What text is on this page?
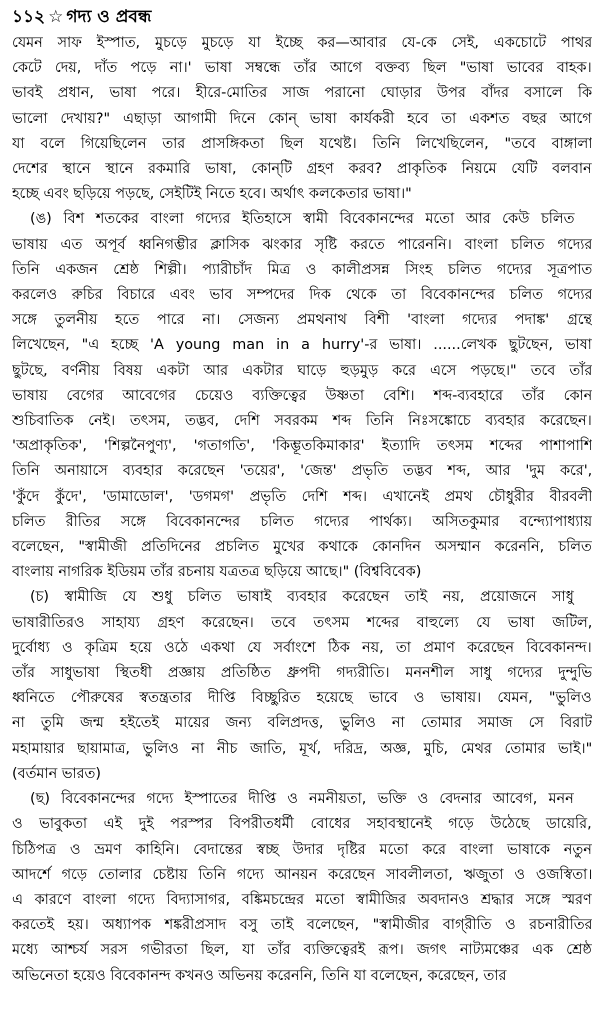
১১২ ☆ গদ্য ও প্রবন্ধ
যেমন সাফ ইস্পাত, মুচড়ে মুচড়ে যা ইচ্ছে কর—আবার যে-কে সেই, একচোটে পাথর
কেটে দেয়, দাঁত পড়ে না।' ভাষা সম্বন্ধে তাঁর আগে বক্তব্য ছিল "ভাষা ভাবের বাহক।
ভাবই প্রধান, ভাষা পরে। হীরে-মোতির সাজ পরানো ঘোড়ার উপর বাঁদর বসালে কি
ভালো দেখায়?" এছাড়া আগামী দিনে কোন্ ভাষা কার্যকরী হবে তা একশত বছর আগে
যা বলে গিয়েছিলেন তার প্রাসঙ্গিকতা ছিল যথেষ্ট। তিনি লিখেছিলেন, "তবে বাঙ্গালা
দেশের স্থানে স্থানে রকমারি ভাষা, কোন্‌টি গ্রহণ করব? প্রাকৃতিক নিয়মে যেটি বলবান
হচ্ছে এবং ছড়িয়ে পড়ছে, সেইটিই নিতে হবে। অর্থাৎ কলকেতার ভাষা।"
(ঙ) বিশ শতকের বাংলা গদ্যের ইতিহাসে স্বামী বিবেকানন্দের মতো আর কেউ চলিত
ভাষায় এত অপূর্ব ধ্বনিগম্ভীর ক্লাসিক ঝংকার সৃষ্টি করতে পারেননি। বাংলা চলিত গদ্যের
তিনি একজন শ্রেষ্ঠ শিল্পী। প্যারীচাঁদ মিত্র ও কালীপ্রসন্ন সিংহ চলিত গদ্যের সূত্রপাত
করলেও রুচির বিচারে এবং ভাব সম্পদের দিক থেকে তা বিবেকানন্দের চলিত গদ্যের
সঙ্গে তুলনীয় হতে পারে না। সেজন্য প্রমথনাথ বিশী 'বাংলা গদ্যের পদাঙ্ক' গ্রন্থে
লিখেছেন, "এ হচ্ছে 'A young man in a hurry'-র ভাষা। ......লেখক ছুটছেন, ভাষা
ছুটছে, বর্ণনীয় বিষয় একটা আর একটার ঘাড়ে হুড়মুড় করে এসে পড়ছে।" তবে তাঁর
ভাষায় বেগের আবেগের চেয়েও ব্যক্তিত্বের উষ্ণতা বেশি। শব্দ-ব্যবহারে তাঁর কোন
শুচিবাতিক নেই। তৎসম, তদ্ভব, দেশি সবরকম শব্দ তিনি নিঃসঙ্কোচে ব্যবহার করেছেন।
'অপ্রাকৃতিক', 'শিল্পনৈপুণ্য', 'গতাগতি', 'কিম্ভূতকিমাকার' ইত্যাদি তৎসম শব্দের পাশাপাশি
তিনি অনায়াসে ব্যবহার করেছেন 'তয়ের', 'জেন্ত' প্রভৃতি তদ্ভব শব্দ, আর 'দুম করে',
'কুঁদে কুঁদে', 'ডামাডোল', 'ডগমগ' প্রভৃতি দেশি শব্দ। এখানেই প্রমথ চৌধুরীর বীরবলী
চলিত রীতির সঙ্গে বিবেকানন্দের চলিত গদ্যের পার্থক্য। অসিতকুমার বন্দ্যোপাধ্যায়
বলেছেন, "স্বামীজী প্রতিদিনের প্রচলিত মুখের কথাকে কোনদিন অসম্মান করেননি, চলিত
বাংলায় নাগরিক ইডিয়ম তাঁর রচনায় যত্রতত্র ছড়িয়ে আছে।" (বিশ্ববিবেক)
(চ) স্বামীজি যে শুধু চলিত ভাষাই ব্যবহার করেছেন তাই নয়, প্রয়োজনে সাধু
ভাষারীতিরও সাহায্য গ্রহণ করেছেন। তবে তৎসম শব্দের বাহুল্যে যে ভাষা জটিল,
দুর্বোধ্য ও কৃত্রিম হয়ে ওঠে একথা যে সর্বাংশে ঠিক নয়, তা প্রমাণ করেছেন বিবেকানন্দ।
তাঁর সাধুভাষা স্থিতধী প্রজ্ঞায় প্রতিষ্ঠিত ধ্রুপদী গদ্যরীতি। মননশীল সাধু গদ্যের দুন্দুভি
ধ্বনিতে পৌরুষের স্বতন্ত্রতার দীপ্তি বিচ্ছুরিত হয়েছে ভাবে ও ভাষায়। যেমন, "ভুলিও
না তুমি জন্ম হইতেই মায়ের জন্য বলিপ্রদত্ত, ভুলিও না তোমার সমাজ সে বিরাট
মহামায়ার ছায়ামাত্র, ভুলিও না নীচ জাতি, মূর্খ, দরিদ্র, অজ্ঞ, মুচি, মেথর তোমার ভাই।"
(বর্তমান ভারত)
(ছ) বিবেকানন্দের গদ্যে ইস্পাতের দীপ্তি ও নমনীয়তা, ভক্তি ও বেদনার আবেগ, মনন
ও ভাবুকতা এই দুই পরস্পর বিপরীতধর্মী বোধের সহাবস্থানেই গড়ে উঠেছে ডায়েরি,
চিঠিপত্র ও ভ্রমণ কাহিনি। বেদান্তের স্বচ্ছ উদার দৃষ্টির মতো করে বাংলা ভাষাকে নতুন
আদর্শে গড়ে তোলার চেষ্টায় তিনি গদ্যে আনয়ন করেছেন সাবলীলতা, ঋজুতা ও ওজস্বিতা।
এ কারণে বাংলা গদ্যে বিদ্যাসাগর, বঙ্কিমচন্দ্রের মতো স্বামীজির অবদানও শ্রদ্ধার সঙ্গে স্মরণ
করতেই হয়। অধ্যাপক শঙ্করীপ্রসাদ বসু তাই বলেছেন, "স্বামীজীর বাগ্‌রীতি ও রচনারীতির
মধ্যে আশ্চর্য সরস গভীরতা ছিল, যা তাঁর ব্যক্তিত্বেরই রূপ। জগৎ নাট্যমঞ্চের এক শ্রেষ্ঠ
অভিনেতা হয়েও বিবেকানন্দ কখনও অভিনয় করেননি, তিনি যা বলেছেন, করেছেন, তার
